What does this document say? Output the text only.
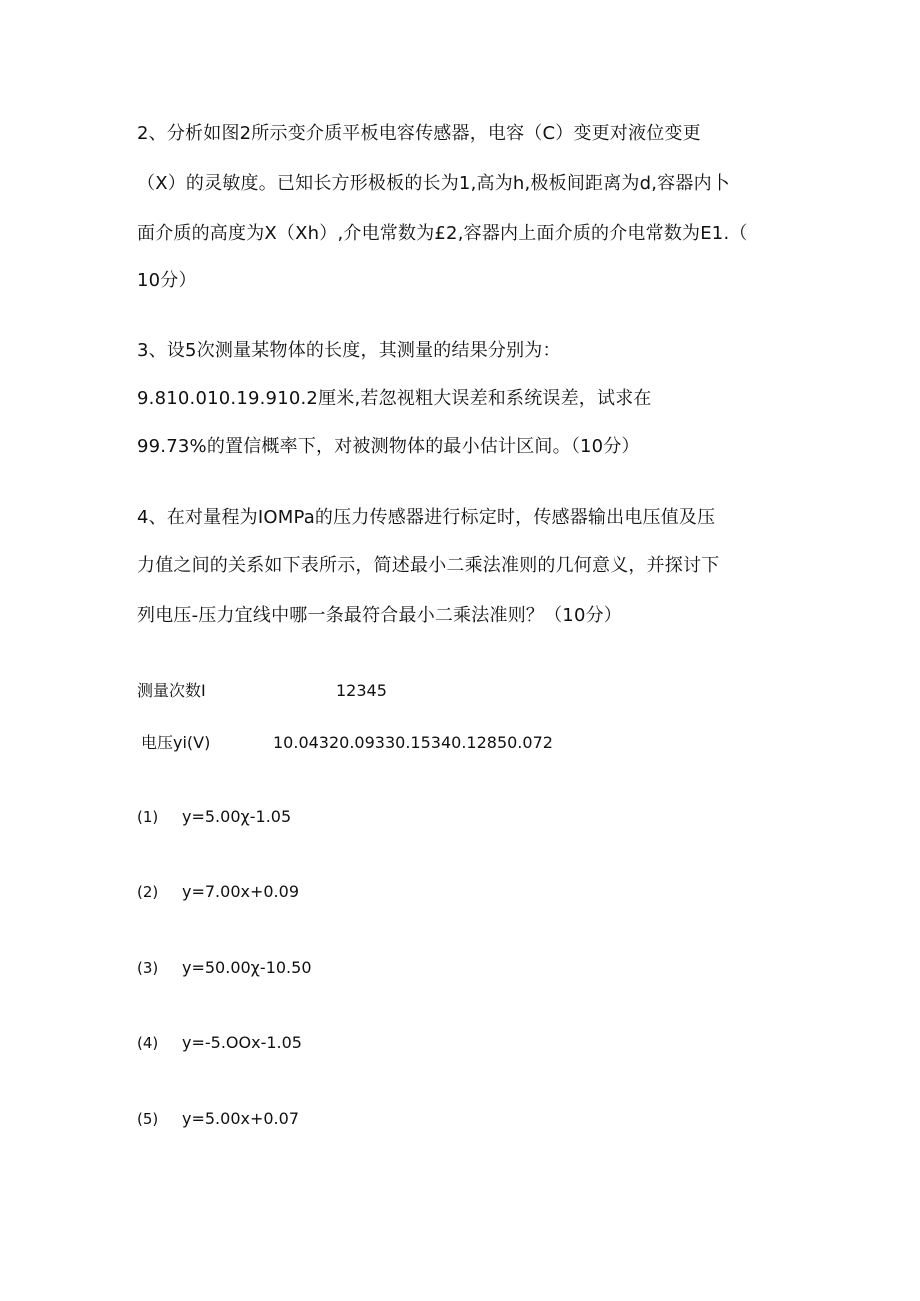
2、分析如图2所示变介质平板电容传感器，电容（C）变更对液位变更
（X）的灵敏度。已知长方形极板的长为1,高为h,极板间距离为d,容器内卜
面介质的高度为X（Xh）,介电常数为£2,容器内上面介质的介电常数为E1.（
10分）
3、设5次测量某物体的长度，其测量的结果分别为：
9.810.010.19.910.2厘米,若忽视粗大误差和系统误差，试求在
99.73%的置信概率下，对被测物体的最小估计区间。（10分）
4、在对量程为IOMPa的压力传感器进行标定时，传感器输出电压值及压
力值之间的关系如下表所示，简述最小二乘法准则的几何意义，并探讨下
列电压-压力宜线中哪一条最符合最小二乘法准则？（10分）
测量次数I	12345
电压yi(V)	10.04320.09330.15340.12850.072
(1) y=5.00χ-1.05
(2) y=7.00x+0.09
(3) y=50.00χ-10.50
(4) y=-5.OOx-1.05
(5) y=5.00x+0.07
